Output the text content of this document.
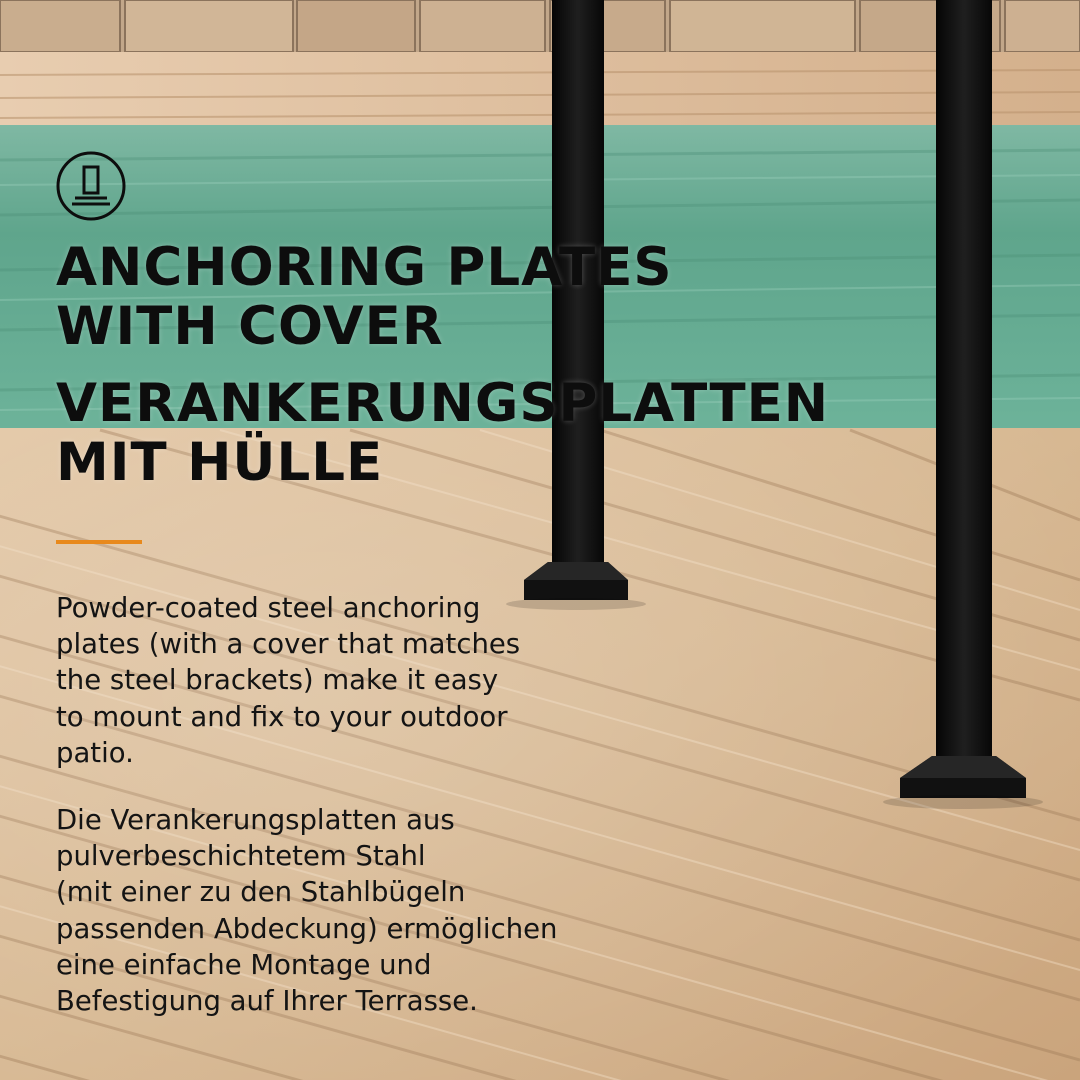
ANCHORING PLATES
WITH COVER
VERANKERUNGSPLATTEN
MIT HÜLLE

Powder-coated steel anchoring
plates (with a cover that matches
the steel brackets) make it easy
to mount and fix to your outdoor
patio.

Die Verankerungsplatten aus
pulverbeschichtetem Stahl
(mit einer zu den Stahlbügeln
passenden Abdeckung) ermöglichen
eine einfache Montage und
Befestigung auf Ihrer Terrasse.
